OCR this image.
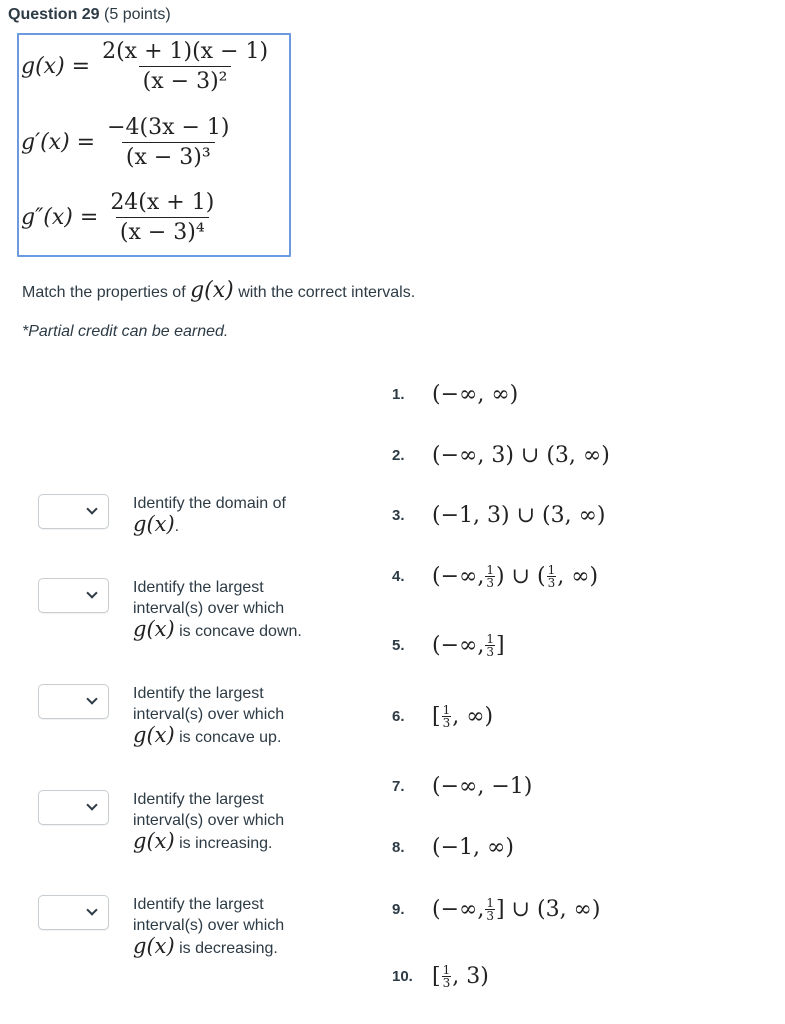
Question 29 (5 points)
$g(x) = \frac{2(x + 1)(x - 1)}{\text{(x − 3)²}}$
$g'(x) = \frac{-4(3x - 1)}{\text{(x − 3)³}}$
$g''(x) = \frac{24(x + 1)}{\text{(x − 3)⁴}}$
Match the properties of g(x) with the correct intervals.
*Partial credit can be earned.
Identify the domain of
g(x).
Identify the largest
interval(s) over which
g(x) is concave down.
Identify the largest
interval(s) over which
g(x) is concave up.
Identify the largest
interval(s) over which
g(x) is increasing.
Identify the largest
interval(s) over which
g(x) is decreasing.
1.	(−∞, ∞)
2.	(−∞, 3) ∪ (3, ∞)
3.	(−1, 3) ∪ (3, ∞)
4.	(−∞, $\frac{1}{3}$ ) ∪ ( $\frac{1}{3}$ , ∞)
5.	(−∞, $\frac{1}{3}$ ]
6.	[ $\frac{1}{3}$ , ∞)
7.	(−∞, −1)
8.	(−1, ∞)
9.	(−∞, $\frac{1}{3}$ ] ∪ (3, ∞)
10. [ $\frac{1}{3}$ , 3)
